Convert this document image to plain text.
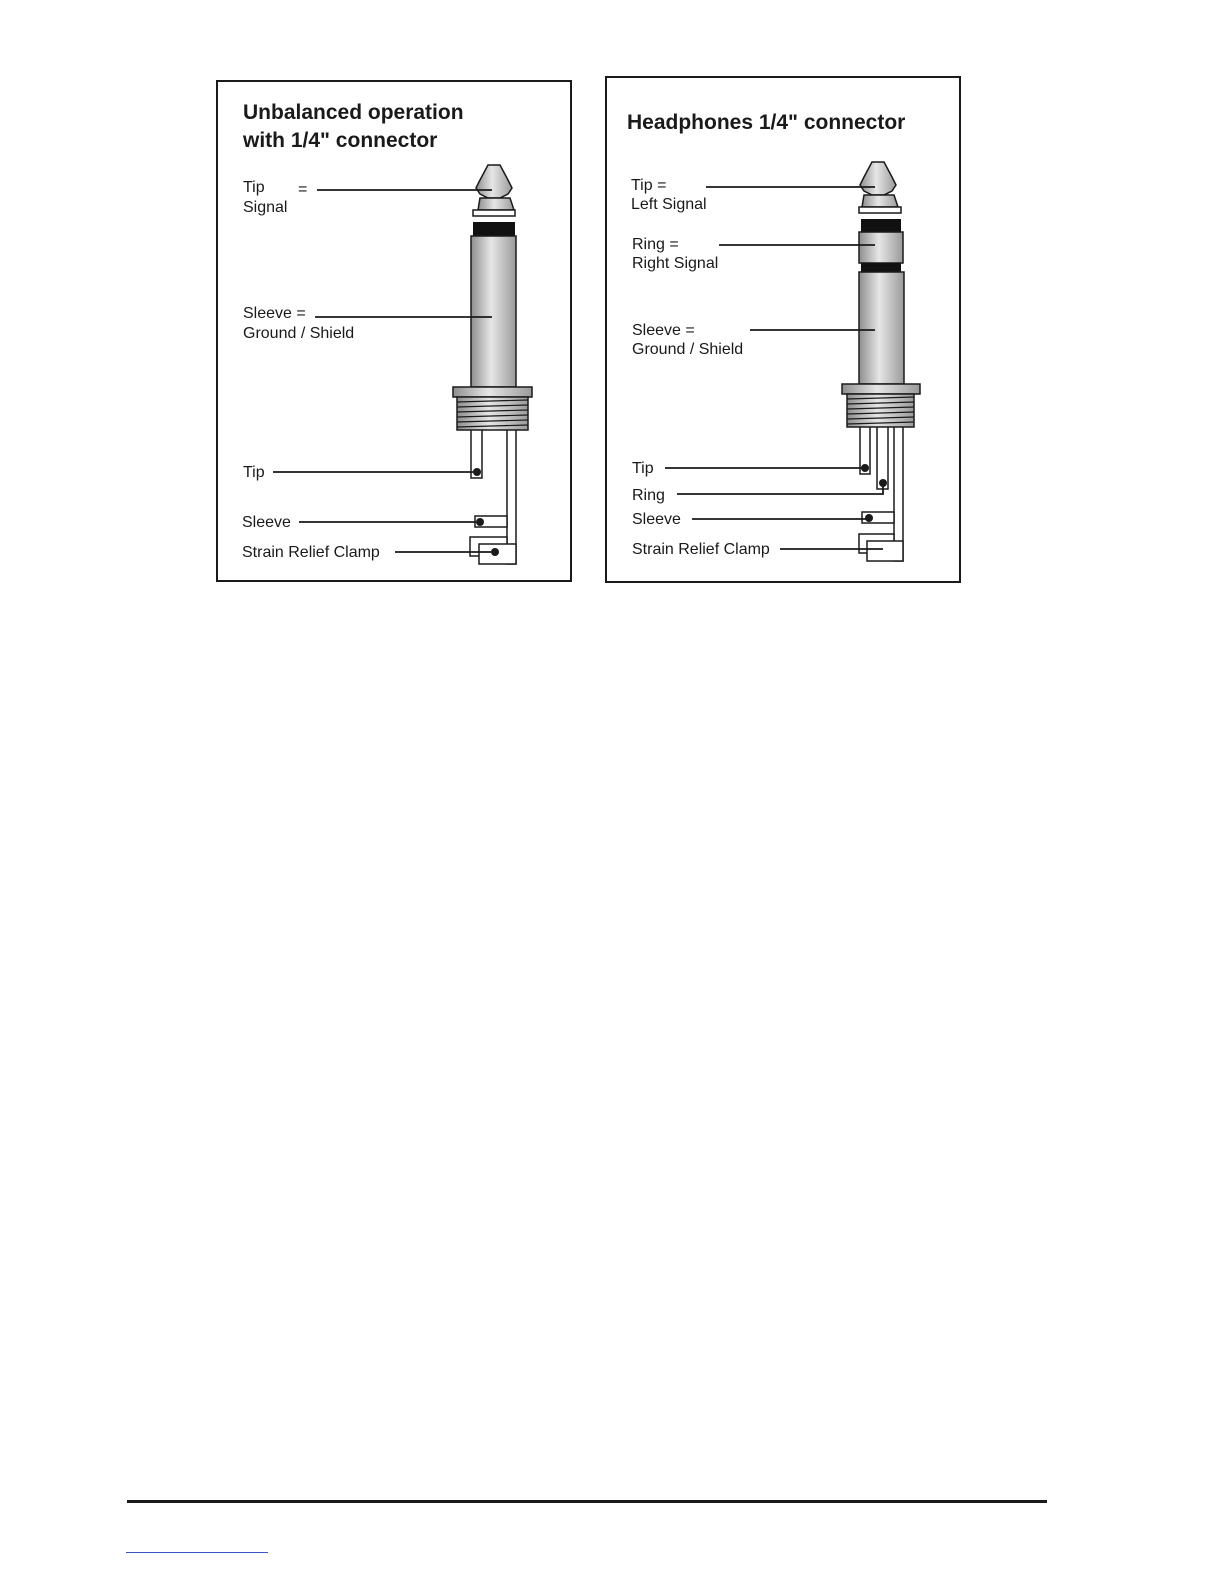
Unbalanced operation
with 1/4" connector
Tip =
Signal
Sleeve =
Ground / Shield
Tip
Sleeve
Strain Relief Clamp
Headphones 1/4" connector
Tip =
Left Signal
Ring =
Right Signal
Sleeve =
Ground / Shield
Tip
Ring
Sleeve
Strain Relief Clamp
